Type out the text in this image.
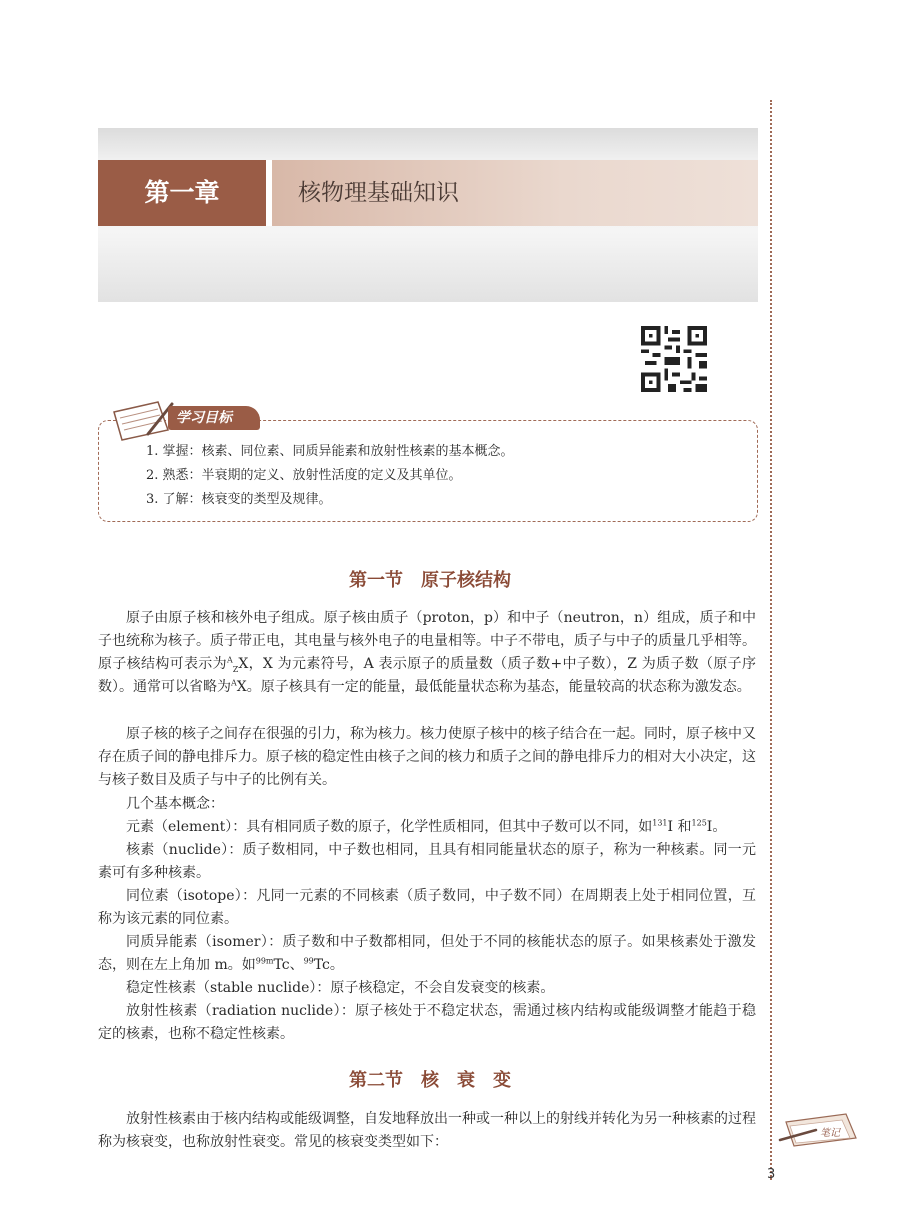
第一章	核物理基础知识
学习目标
1. 掌握：核素、同位素、同质异能素和放射性核素的基本概念。
2. 熟悉：半衰期的定义、放射性活度的定义及其单位。
3. 了解：核衰变的类型及规律。
第一节　原子核结构

原子由原子核和核外电子组成。原子核由质子（proton，p）和中子（neutron，n）组成，质子和中子也统称为核子。质子带正电，其电量与核外电子的电量相等。中子不带电，质子与中子的质量几乎相等。原子核结构可表示为$^A_Z$X，X 为元素符号，A 表示原子的质量数（质子数+中子数），Z 为质子数（原子序数）。通常可以省略为$^A$X。原子核具有一定的能量，最低能量状态称为基态，能量较高的状态称为激发态。

原子核的核子之间存在很强的引力，称为核力。核力使原子核中的核子结合在一起。同时，原子核中又存在质子间的静电排斥力。原子核的稳定性由核子之间的核力和质子之间的静电排斥力的相对大小决定，这与核子数目及质子与中子的比例有关。

几个基本概念：

元素（element）：具有相同质子数的原子，化学性质相同，但其中子数可以不同，如$^{131}$I 和$^{125}$I。

核素（nuclide）：质子数相同，中子数也相同，且具有相同能量状态的原子，称为一种核素。同一元素可有多种核素。

同位素（isotope）：凡同一元素的不同核素（质子数同，中子数不同）在周期表上处于相同位置，互称为该元素的同位素。

同质异能素（isomer）：质子数和中子数都相同，但处于不同的核能状态的原子。如果核素处于激发态，则在左上角加 m。如$^{99m}$Tc、$^{99}$Tc。

稳定性核素（stable nuclide）：原子核稳定，不会自发衰变的核素。

放射性核素（radiation nuclide）：原子核处于不稳定状态，需通过核内结构或能级调整才能趋于稳定的核素，也称不稳定性核素。

第二节　核　衰　变

放射性核素由于核内结构或能级调整，自发地释放出一种或一种以上的射线并转化为另一种核素的过程称为核衰变，也称放射性衰变。常见的核衰变类型如下：

笔记
3
